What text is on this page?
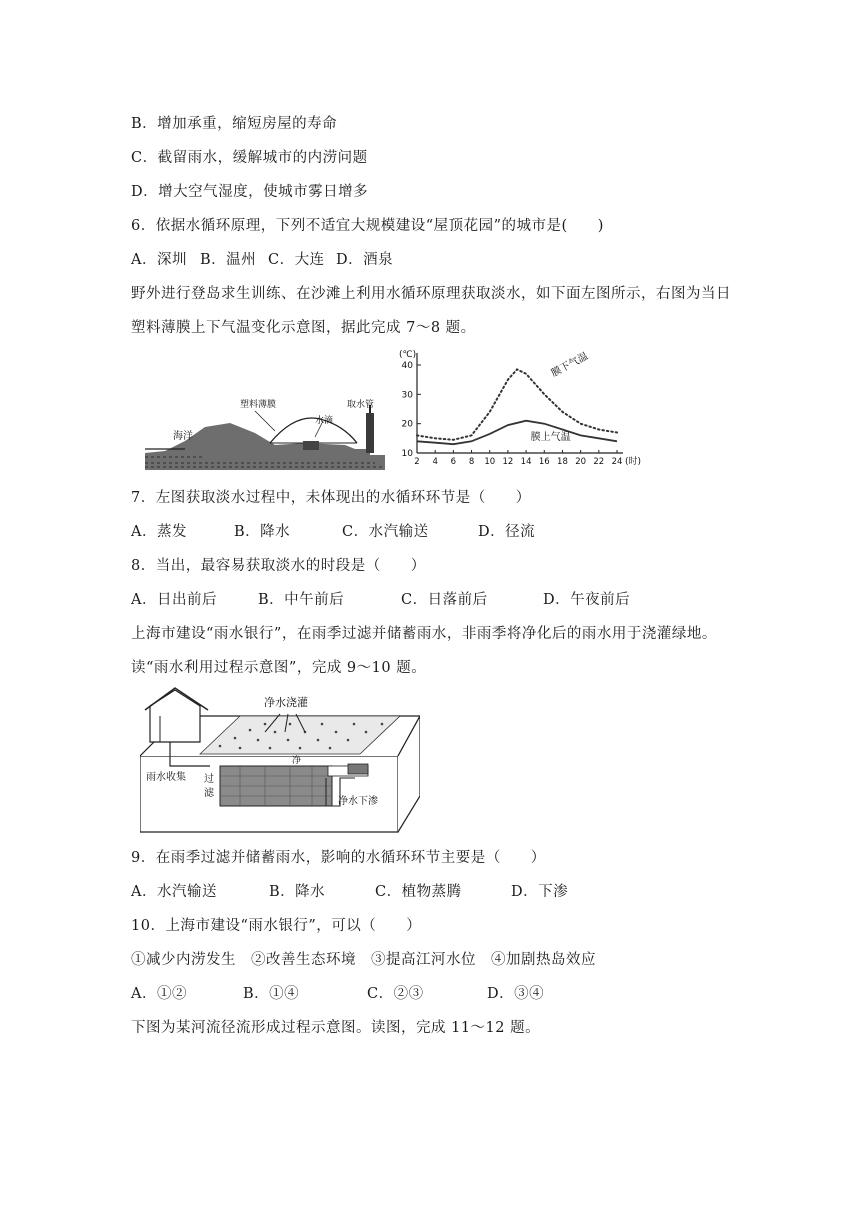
B．增加承重，缩短房屋的寿命
C．截留雨水，缓解城市的内涝问题
D．增大空气湿度，使城市雾日增多
6．依据水循环原理，下列不适宜大规模建设“屋顶花园”的城市是(　　)
A．深圳 B．温州 C．大连 D．酒泉
野外进行登岛求生训练、在沙滩上利用水循环原理获取淡水，如下面左图所示，右图为当日
塑料薄膜上下气温变化示意图，据此完成 7～8 题。
海洋
塑料薄膜
水滴
取水管
10
20
30
40
2 4 6 8 10 12 14 16 18 20 22 24
(℃)
(时)
膜下气温
膜上气温
7．左图获取淡水过程中，未体现出的水循环环节是（　　）
A．蒸发	B．降水	C．水汽输送	D．径流
8．当出，最容易获取淡水的时段是（　　）
A．日出前后	B．中午前后	C．日落前后	D．午夜前后
上海市建设“雨水银行”，在雨季过滤并储蓄雨水，非雨季将净化后的雨水用于浇灌绿地。
读“雨水利用过程示意图”，完成 9～10 题。
净水浇灌
雨水收集 过
滤
净水下渗
净
9．在雨季过滤并储蓄雨水，影响的水循环环节主要是（　　）
A．水汽输送	B．降水	C．植物蒸腾	D．下渗
10．上海市建设“雨水银行”，可以（　　）
①减少内涝发生　②改善生态环境　③提高江河水位　④加剧热岛效应
A．①②	B．①④	C．②③	D．③④
下图为某河流径流形成过程示意图。读图，完成 11～12 题。
